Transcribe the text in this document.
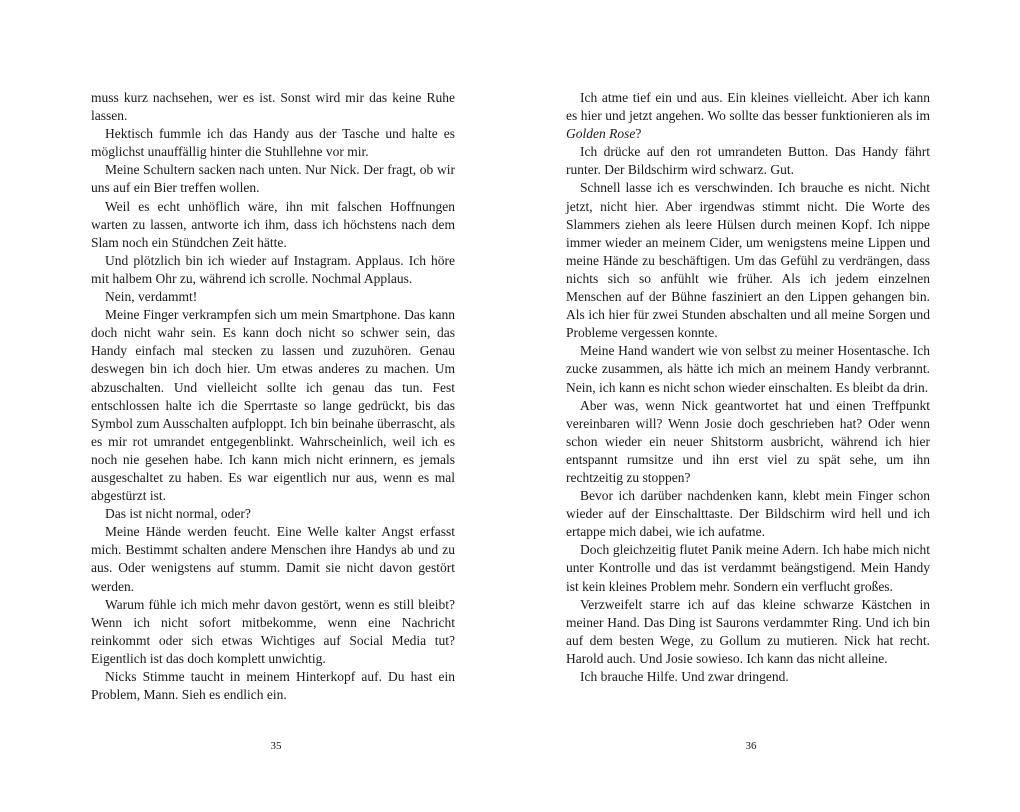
muss kurz nachsehen, wer es ist. Sonst wird mir das keine Ruhe lassen.

Hektisch fummle ich das Handy aus der Tasche und halte es möglichst unauffällig hinter die Stuhllehne vor mir.

Meine Schultern sacken nach unten. Nur Nick. Der fragt, ob wir uns auf ein Bier treffen wollen.

Weil es echt unhöflich wäre, ihn mit falschen Hoffnungen warten zu lassen, antworte ich ihm, dass ich höchstens nach dem Slam noch ein Stündchen Zeit hätte.

Und plötzlich bin ich wieder auf Instagram. Applaus. Ich höre mit halbem Ohr zu, während ich scrolle. Nochmal Applaus.

Nein, verdammt!

Meine Finger verkrampfen sich um mein Smartphone. Das kann doch nicht wahr sein. Es kann doch nicht so schwer sein, das Handy einfach mal stecken zu lassen und zuzuhören. Genau deswegen bin ich doch hier. Um etwas anderes zu machen. Um abzuschalten. Und vielleicht sollte ich genau das tun. Fest entschlossen halte ich die Sperrtaste so lange gedrückt, bis das Symbol zum Ausschalten aufploppt. Ich bin beinahe überrascht, als es mir rot umrandet entgegenblinkt. Wahrscheinlich, weil ich es noch nie gesehen habe. Ich kann mich nicht erinnern, es jemals ausgeschaltet zu haben. Es war eigentlich nur aus, wenn es mal abgestürzt ist.

Das ist nicht normal, oder?

Meine Hände werden feucht. Eine Welle kalter Angst erfasst mich. Bestimmt schalten andere Menschen ihre Handys ab und zu aus. Oder wenigstens auf stumm. Damit sie nicht davon gestört werden.

Warum fühle ich mich mehr davon gestört, wenn es still bleibt? Wenn ich nicht sofort mitbekomme, wenn eine Nachricht reinkommt oder sich etwas Wichtiges auf Social Media tut? Eigentlich ist das doch komplett unwichtig.

Nicks Stimme taucht in meinem Hinterkopf auf. Du hast ein Problem, Mann. Sieh es endlich ein.

Ich atme tief ein und aus. Ein kleines vielleicht. Aber ich kann es hier und jetzt angehen. Wo sollte das besser funktionieren als im Golden Rose?

Ich drücke auf den rot umrandeten Button. Das Handy fährt runter. Der Bildschirm wird schwarz. Gut.

Schnell lasse ich es verschwinden. Ich brauche es nicht. Nicht jetzt, nicht hier. Aber irgendwas stimmt nicht. Die Worte des Slammers ziehen als leere Hülsen durch meinen Kopf. Ich nippe immer wieder an meinem Cider, um wenigstens meine Lippen und meine Hände zu beschäftigen. Um das Gefühl zu verdrängen, dass nichts sich so anfühlt wie früher. Als ich jedem einzelnen Menschen auf der Bühne fasziniert an den Lippen gehangen bin. Als ich hier für zwei Stunden abschalten und all meine Sorgen und Probleme vergessen konnte.

Meine Hand wandert wie von selbst zu meiner Hosentasche. Ich zucke zusammen, als hätte ich mich an meinem Handy verbrannt. Nein, ich kann es nicht schon wieder einschalten. Es bleibt da drin.

Aber was, wenn Nick geantwortet hat und einen Treffpunkt vereinbaren will? Wenn Josie doch geschrieben hat? Oder wenn schon wieder ein neuer Shitstorm ausbricht, während ich hier entspannt rumsitze und ihn erst viel zu spät sehe, um ihn rechtzeitig zu stoppen?

Bevor ich darüber nachdenken kann, klebt mein Finger schon wieder auf der Einschalttaste. Der Bildschirm wird hell und ich ertappe mich dabei, wie ich aufatme.

Doch gleichzeitig flutet Panik meine Adern. Ich habe mich nicht unter Kontrolle und das ist verdammt beängstigend. Mein Handy ist kein kleines Problem mehr. Sondern ein verflucht großes.

Verzweifelt starre ich auf das kleine schwarze Kästchen in meiner Hand. Das Ding ist Saurons verdammter Ring. Und ich bin auf dem besten Wege, zu Gollum zu mutieren. Nick hat recht. Harold auch. Und Josie sowieso. Ich kann das nicht alleine.

Ich brauche Hilfe. Und zwar dringend.

35	36
